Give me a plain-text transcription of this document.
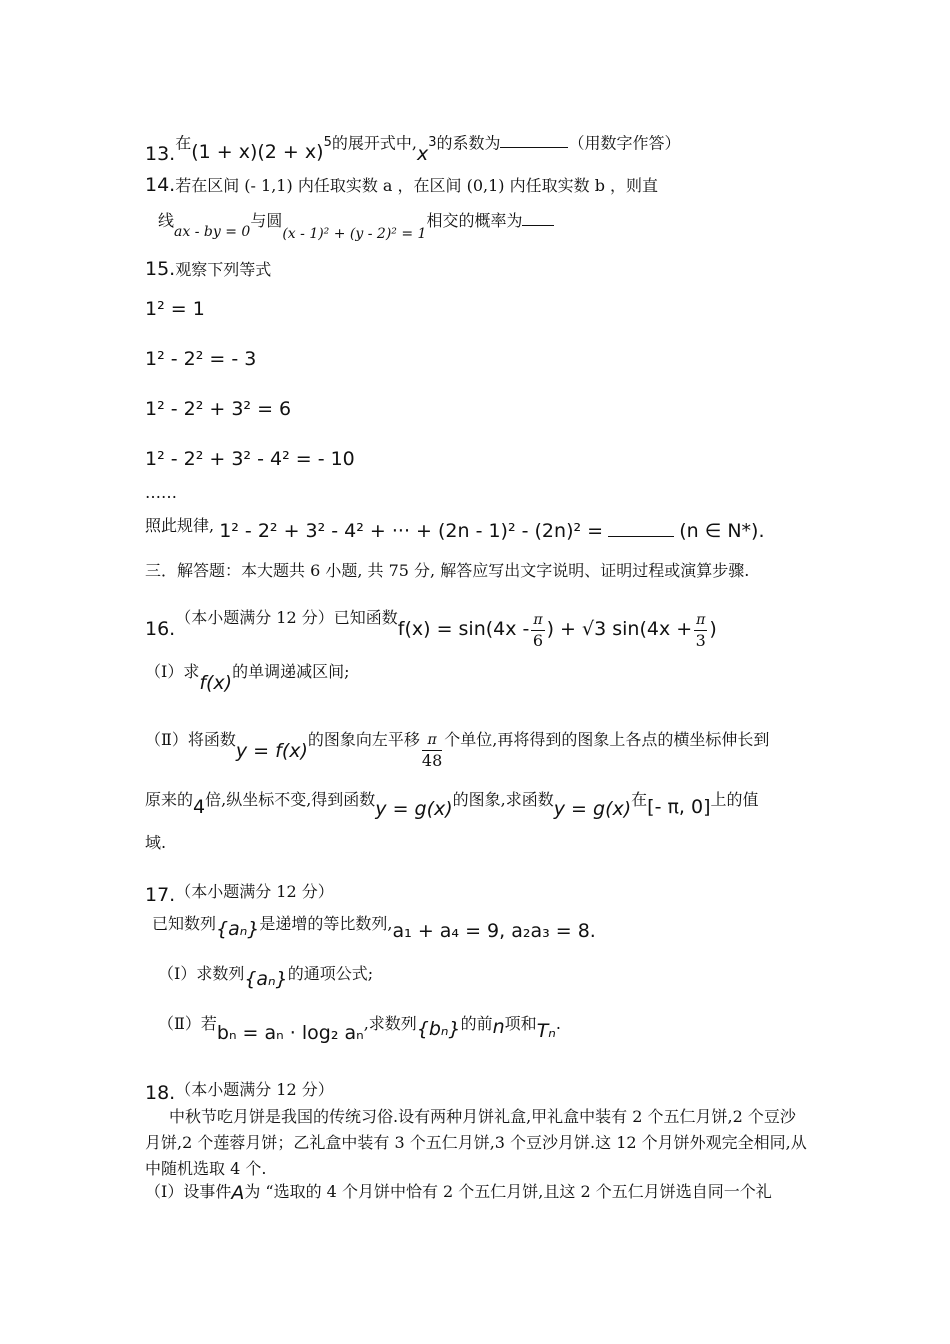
13.在$(1 + x)(2 + x)^5$的展开式中$,x^3$的系数为	（用数字作答）
14.若在区间 (- 1,1) 内任取实数 a ，在区间 (0,1) 内任取实数 b ，则直
线ax - by = 0与圆(x - 1)² + (y - 2)² = 1相交的概率为
15.观察下列等式
1² = 1
1² - 2² = - 3
1² - 2² + 3² = 6
1² - 2² + 3² - 4² = - 10
……
照此规律, 1² - 2² + 3² - 4² + ··· + (2n - 1)² - (2n)² =	(n ∈ N*).
三．解答题：本大题共 6 小题, 共 75 分, 解答应写出文字说明、证明过程或演算步骤.
16.（本小题满分 12 分）已知函数$f(x) = \sin(4x - \frac{\pi}{6}$ ) + √3 $\sin(4x + \frac{\pi}{3}$ )
（Ⅰ）求f(x)的单调递减区间;
（Ⅱ）将函数y = f(x)的图象向左平移 $\frac{\pi}{48}$ 个单位,再将得到的图象上各点的横坐标伸长到
原来的4倍,纵坐标不变,得到函数y = g(x)的图象,求函数y = g(x)在[- π, 0]上的值
域.
17.（本小题满分 12 分）
已知数列{aₙ}是递增的等比数列,a₁ + a₄ = 9, a₂a₃ = 8.
（Ⅰ）求数列{aₙ}的通项公式;
（Ⅱ）若bₙ = aₙ · log₂ aₙ,求数列{bₙ}的前n项和Tₙ.
18.（本小题满分 12 分）
中秋节吃月饼是我国的传统习俗.设有两种月饼礼盒,甲礼盒中装有 2 个五仁月饼,2 个豆沙月饼,2 个莲蓉月饼；乙礼盒中装有 3 个五仁月饼,3 个豆沙月饼.这 12 个月饼外观完全相同,从中随机选取 4 个.
（Ⅰ）设事件A为 “选取的 4 个月饼中恰有 2 个五仁月饼,且这 2 个五仁月饼选自同一个礼
